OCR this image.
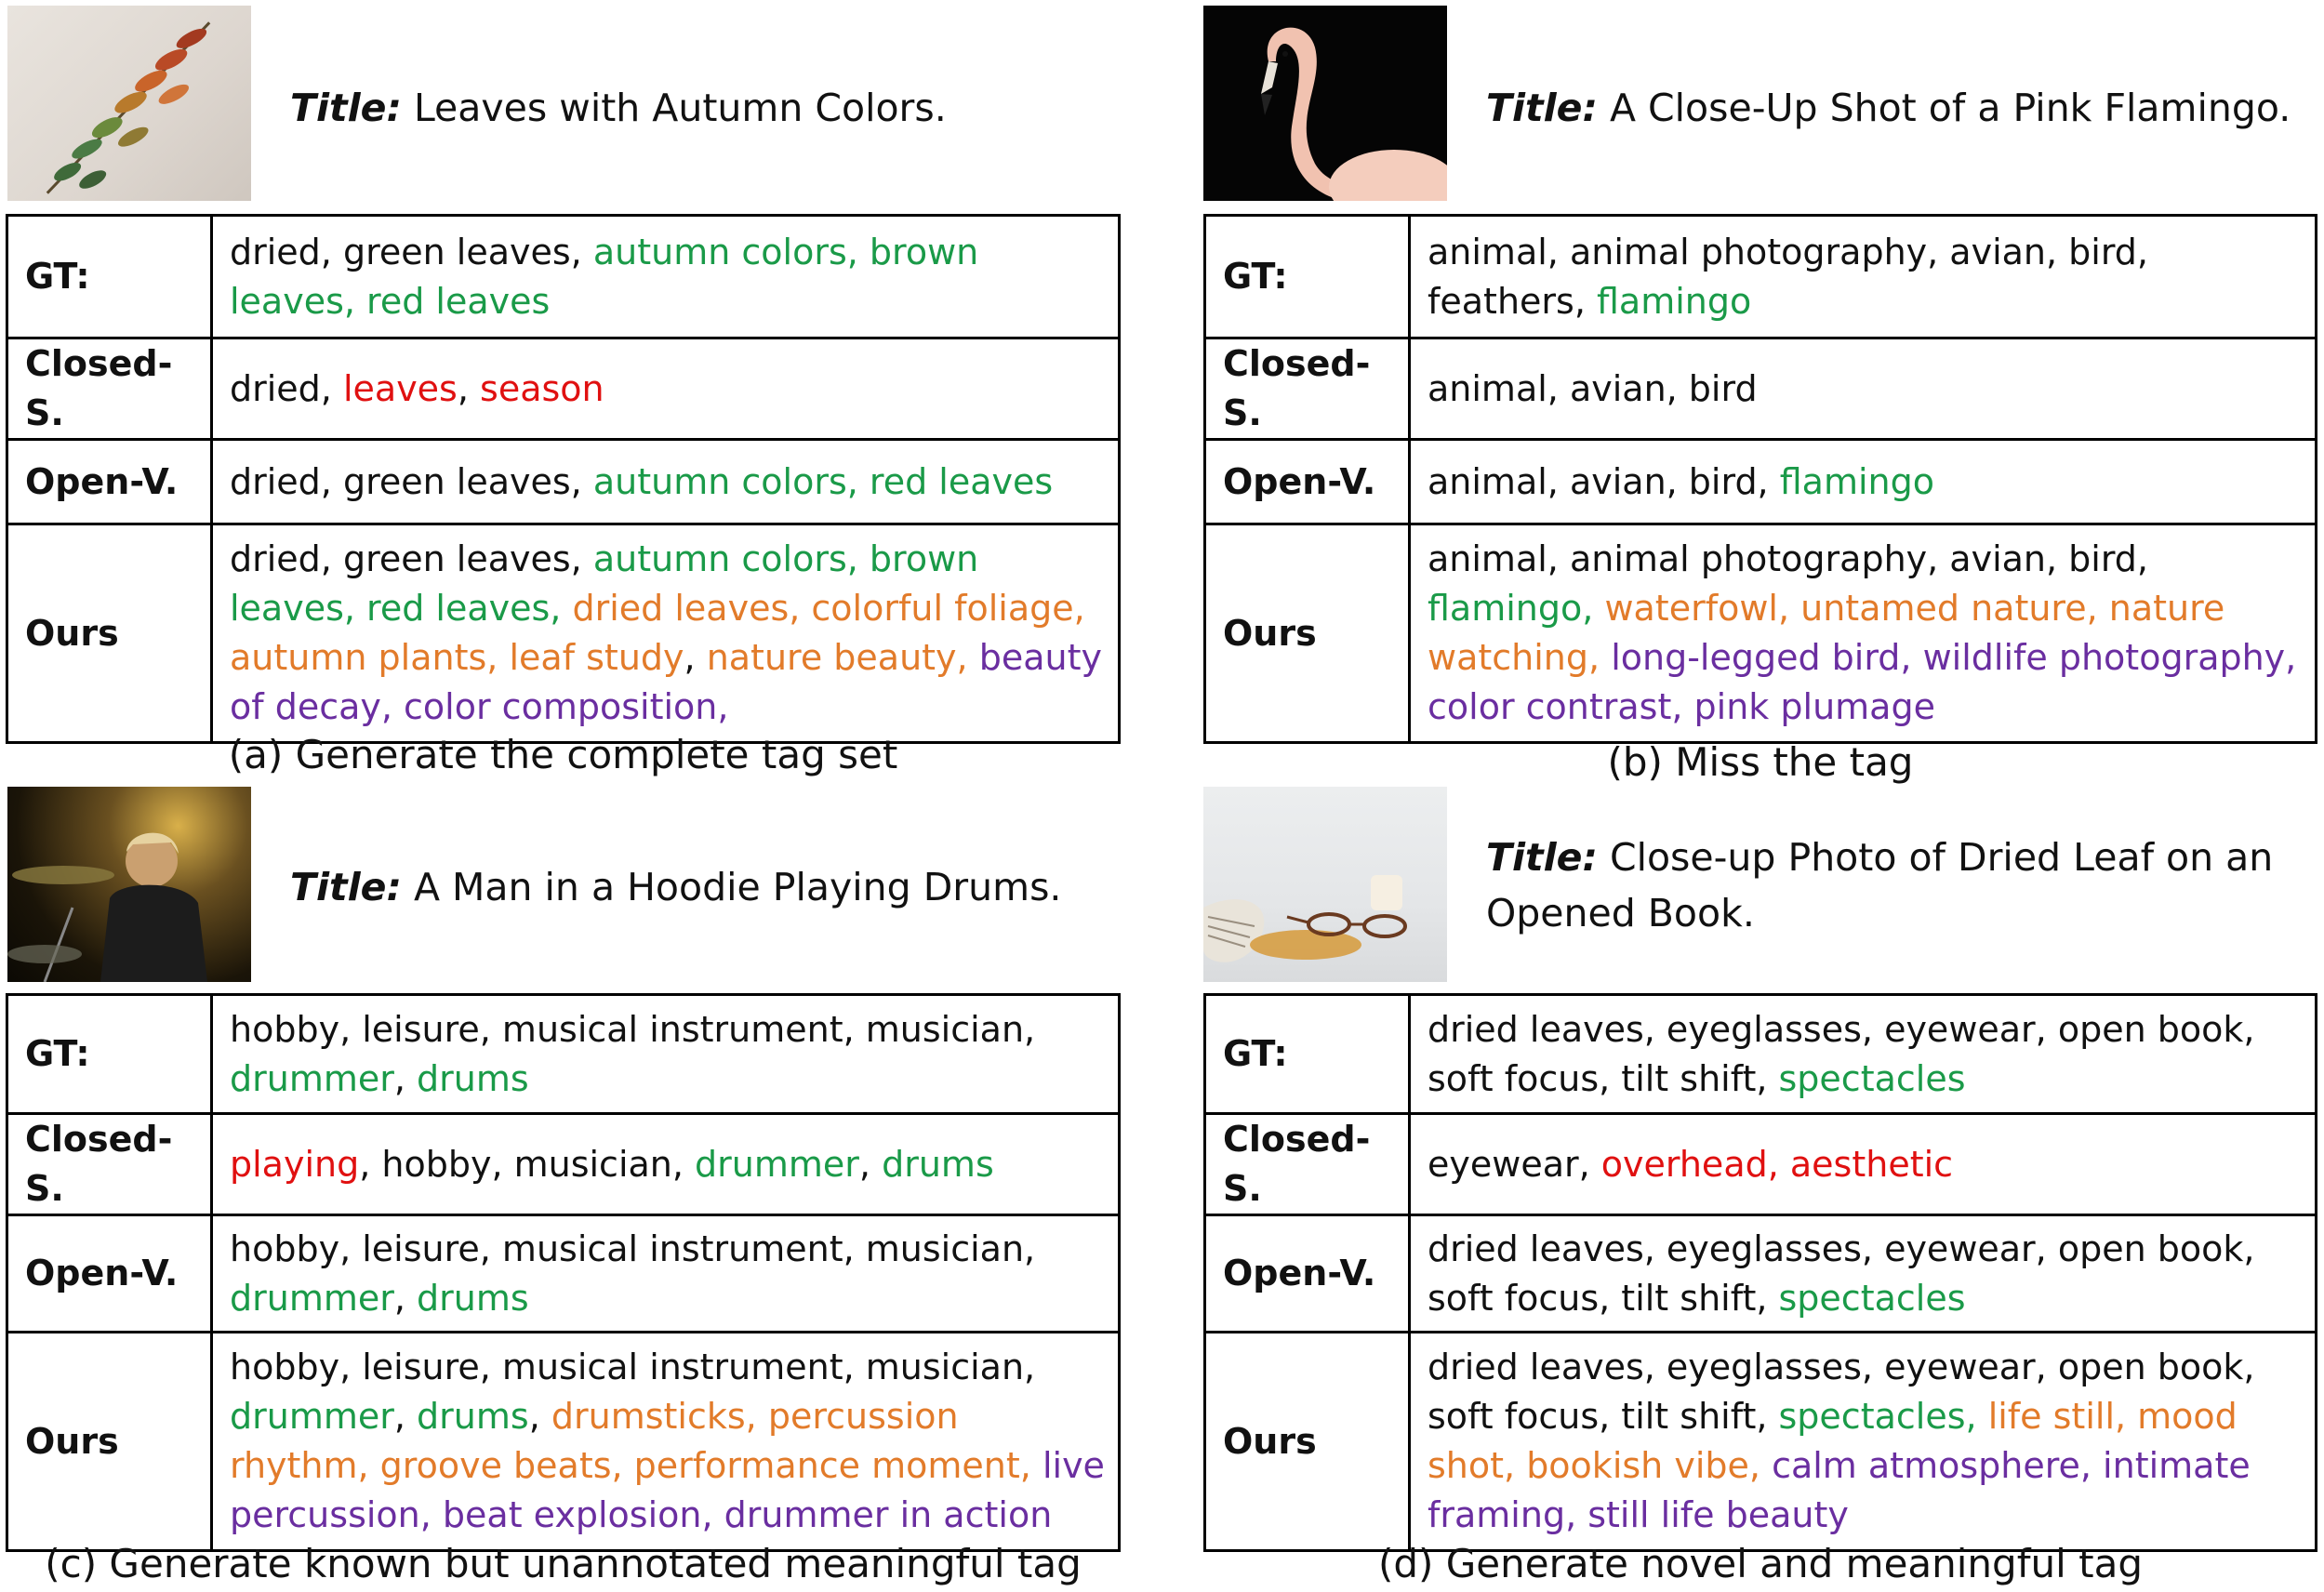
Title: Leaves with Autumn Colors.
GT:	dried, green leaves, autumn colors, brown leaves, red leaves
Closed-S.	dried, leaves, season
Open-V.	dried, green leaves, autumn colors, red leaves
Ours	dried, green leaves, autumn colors, brown leaves, red leaves, dried leaves, colorful foliage, autumn plants, leaf study, nature beauty, beauty of decay, color composition,
(a) Generate the complete tag set
Title: A Close-Up Shot of a Pink Flamingo.
GT:	animal, animal photography, avian, bird, feathers, flamingo
Closed-S.	animal, avian, bird
Open-V.	animal, avian, bird, flamingo
Ours	animal, animal photography, avian, bird, flamingo, waterfowl, untamed nature, nature watching, long-legged bird, wildlife photography, color contrast, pink plumage
(b) Miss the tag
Title: A Man in a Hoodie Playing Drums.
GT:	hobby, leisure, musical instrument, musician, drummer, drums
Closed-S.	playing, hobby, musician, drummer, drums
Open-V.	hobby, leisure, musical instrument, musician, drummer, drums
Ours	hobby, leisure, musical instrument, musician, drummer, drums, drumsticks, percussion rhythm, groove beats, performance moment, live percussion, beat explosion, drummer in action
(c) Generate known but unannotated meaningful tag
Title: Close-up Photo of Dried Leaf on an Opened Book.
GT:	dried leaves, eyeglasses, eyewear, open book, soft focus, tilt shift, spectacles
Closed-S.	eyewear, overhead, aesthetic
Open-V.	dried leaves, eyeglasses, eyewear, open book, soft focus, tilt shift, spectacles
Ours	dried leaves, eyeglasses, eyewear, open book, soft focus, tilt shift, spectacles, life still, mood shot, bookish vibe, calm atmosphere, intimate framing, still life beauty
(d) Generate novel and meaningful tag
